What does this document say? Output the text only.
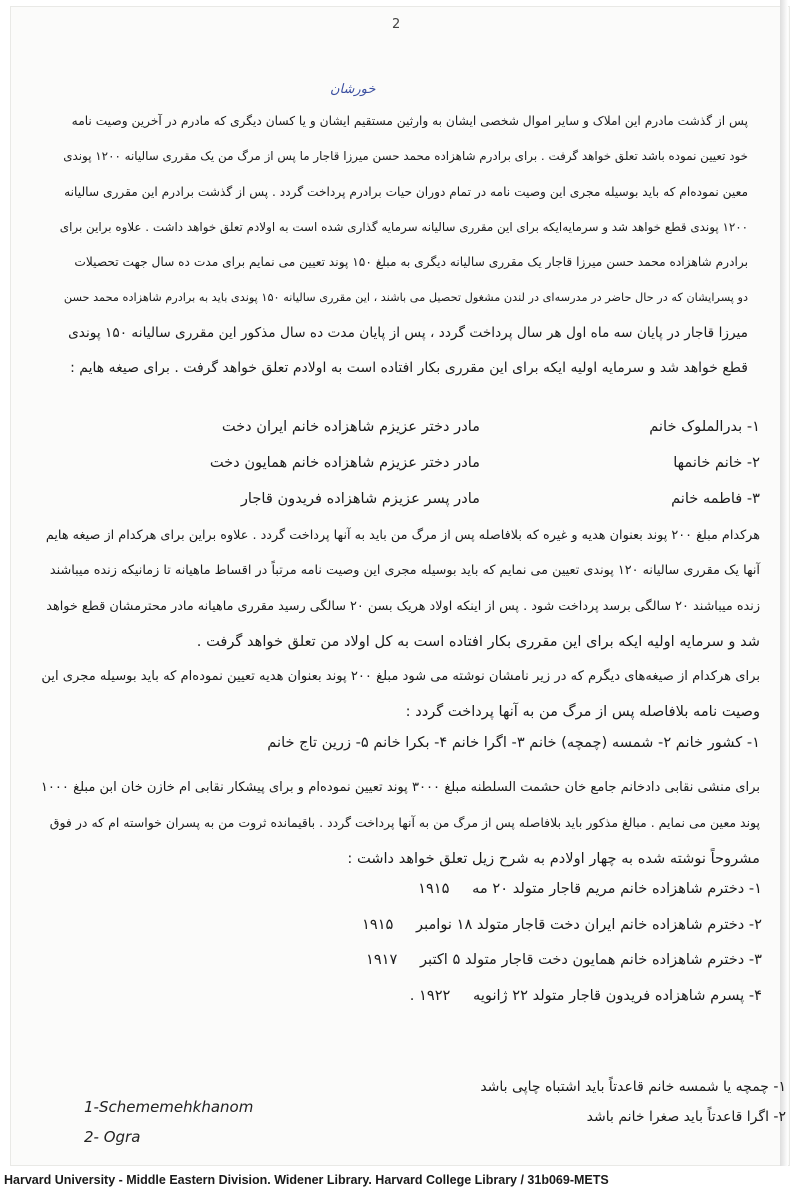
2
خورشان

پس از گذشت مادرم این املاک و سایر اموال شخصی ایشان به وارثین مستقیم ایشان و یا کسان دیگری که مادرم در آخرین وصیت نامه

خود تعیین نموده باشد تعلق خواهد گرفت . برای برادرم شاهزاده محمد حسن میرزا قاجار ما پس از مرگ من یک مقرری سالیانه ۱۲۰۰ پوندی

معین نموده‌ام که باید بوسیله مجری این وصیت نامه در تمام دوران حیات برادرم پرداخت گردد . پس از گذشت برادرم این مقرری سالیانه

۱۲۰۰ پوندی قطع خواهد شد و سرمایه‌ایکه برای این مقرری سالیانه سرمایه گذاری شده است به اولادم تعلق خواهد داشت . علاوه براین برای

برادرم شاهزاده محمد حسن میرزا قاجار یک مقرری سالیانه دیگری به مبلغ ۱۵۰ پوند تعیین می نمایم برای مدت ده سال جهت تحصیلات

دو پسرایشان که در حال حاضر در مدرسه‌ای در لندن مشغول تحصیل می باشند ، این مقرری سالیانه ۱۵۰ پوندی باید به برادرم شاهزاده محمد حسن

میرزا قاجار در پایان سه ماه اول هر سال پرداخت گردد ، پس از پایان مدت ده سال مذکور این مقرری سالیانه ۱۵۰ پوندی

قطع خواهد شد و سرمایه اولیه ایکه برای این مقرری بکار افتاده است به اولادم تعلق خواهد گرفت . برای صیغه هایم :

۱- بدرالملوک خانم
مادر دختر عزیزم شاهزاده خانم ایران دخت
۲- خانم خانمها
مادر دختر عزیزم شاهزاده خانم همایون دخت
۳- فاطمه خانم
مادر پسر عزیزم شاهزاده فریدون قاجار

هرکدام مبلغ ۲۰۰ پوند بعنوان هدیه و غیره که بلافاصله پس از مرگ من باید به آنها پرداخت گردد . علاوه براین برای هرکدام از صیغه هایم

آنها یک مقرری سالیانه ۱۲۰ پوندی تعیین می نمایم که باید بوسیله مجری این وصیت نامه مرتباً در اقساط ماهیانه تا زمانیکه زنده میباشند

زنده میباشند ۲۰ سالگی برسد پرداخت شود . پس از اینکه اولاد هریک بسن ۲۰ سالگی رسید مقرری ماهیانه مادر محترمشان قطع خواهد

شد و سرمایه اولیه ایکه برای این مقرری بکار افتاده است به کل اولاد من تعلق خواهد گرفت .

برای هرکدام از صیغه‌های دیگرم که در زیر نامشان نوشته می شود مبلغ ۲۰۰ پوند بعنوان هدیه تعیین نموده‌ام که باید بوسیله مجری این

وصیت نامه بلافاصله پس از مرگ من به آنها پرداخت گردد :

۱- کشور خانم ۲- شمسه (چمچه) خانم ۳- اگرا خانم ۴- بکرا خانم ۵- زرین تاج خانم

برای منشی نقابی دادخانم جامع خان حشمت السلطنه مبلغ ۳۰۰۰ پوند تعیین نموده‌ام و برای پیشکار نقابی ام خازن خان ابن مبلغ ۱۰۰۰

پوند معین می نمایم . مبالغ مذکور باید بلافاصله پس از مرگ من به آنها پرداخت گردد . باقیمانده ثروت من به پسران خواسته ام که در فوق

مشروحاً نوشته شده به چهار اولادم به شرح زیل تعلق خواهد داشت :

۱- دخترم شاهزاده خانم مریم قاجار متولد ۲۰ مه ۱۹۱۵
۲- دخترم شاهزاده خانم ایران دخت قاجار متولد ۱۸ نوامبر ۱۹۱۵
۳- دخترم شاهزاده خانم همایون دخت قاجار متولد ۵ اکتبر ۱۹۱۷
۴- پسرم شاهزاده فریدون قاجار متولد ۲۲ ژانویه ۱۹۲۲ .

۱- چمچه یا شمسه خانم قاعدتاً باید اشتباه چاپی باشد

۲- اگرا قاعدتاً باید صغرا خانم باشد

1-Schememehkhanom

2- Ogra

Harvard University - Middle Eastern Division. Widener Library. Harvard College Library / 31b069-METS
